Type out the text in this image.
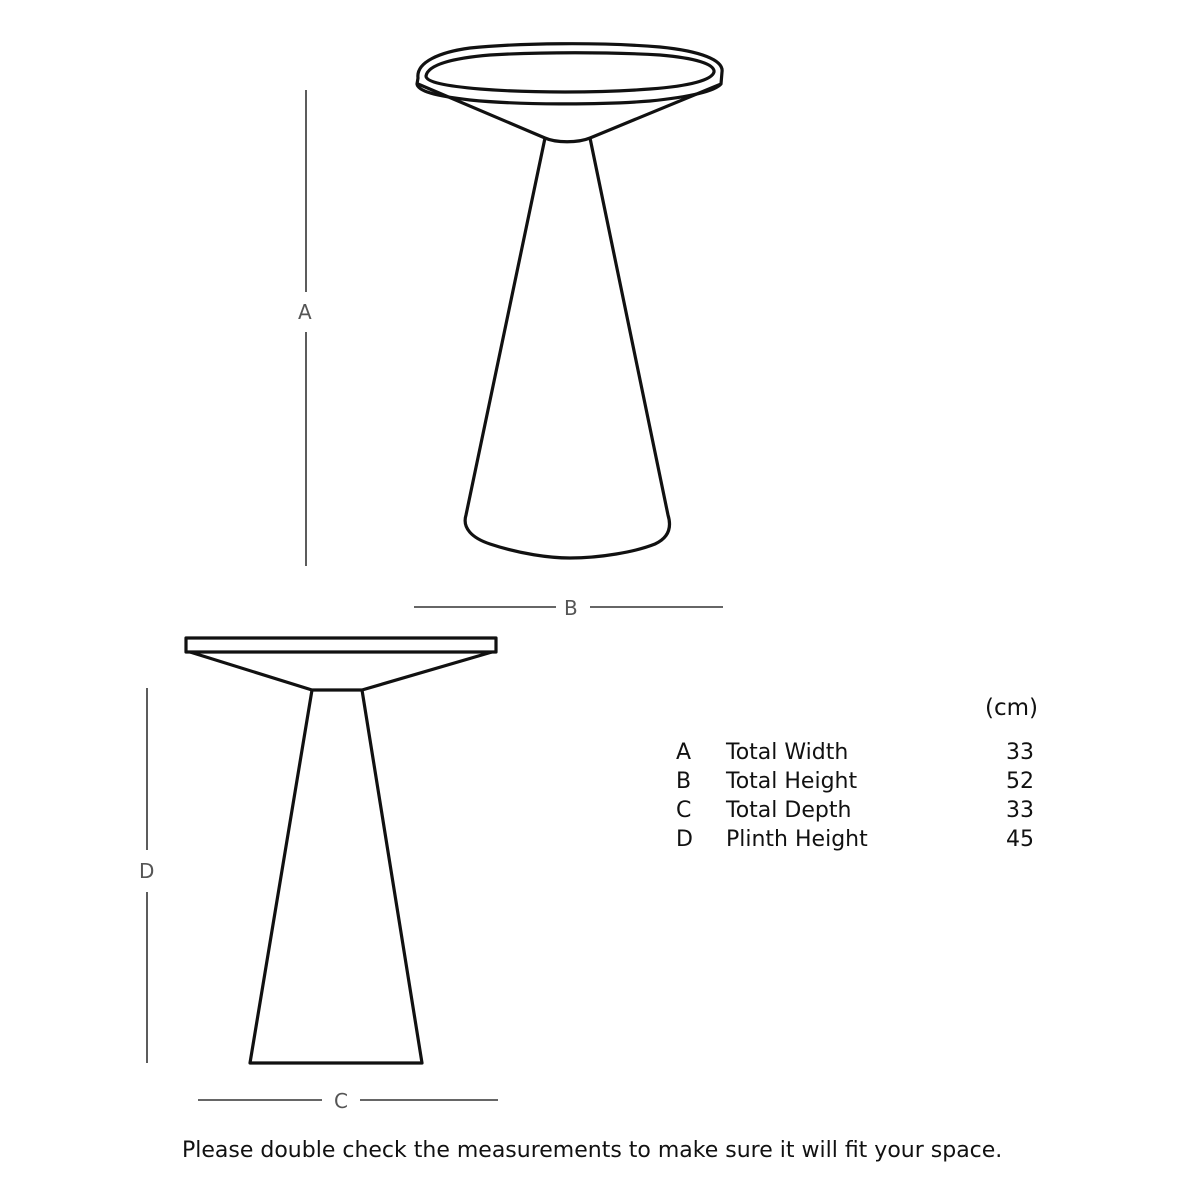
A
B
C
D
(cm)
A	Total Width	33
B	Total Height	52
C	Total Depth	33
D	Plinth Height	45
Please double check the measurements to make sure it will fit your space.
